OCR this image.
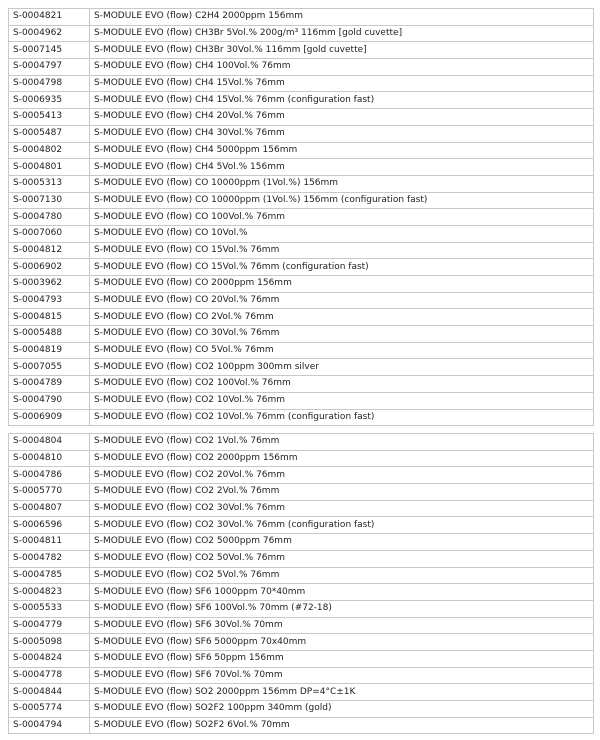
S-0004821	S-MODULE EVO (flow) C2H4 2000ppm 156mm
S-0004962	S-MODULE EVO (flow) CH3Br 5Vol.% 200g/m³ 116mm [gold cuvette]
S-0007145	S-MODULE EVO (flow) CH3Br 30Vol.% 116mm [gold cuvette]
S-0004797	S-MODULE EVO (flow) CH4 100Vol.% 76mm
S-0004798	S-MODULE EVO (flow) CH4 15Vol.% 76mm
S-0006935	S-MODULE EVO (flow) CH4 15Vol.% 76mm (configuration fast)
S-0005413	S-MODULE EVO (flow) CH4 20Vol.% 76mm
S-0005487	S-MODULE EVO (flow) CH4 30Vol.% 76mm
S-0004802	S-MODULE EVO (flow) CH4 5000ppm 156mm
S-0004801	S-MODULE EVO (flow) CH4 5Vol.% 156mm
S-0005313	S-MODULE EVO (flow) CO 10000ppm (1Vol.%) 156mm
S-0007130	S-MODULE EVO (flow) CO 10000ppm (1Vol.%) 156mm (configuration fast)
S-0004780	S-MODULE EVO (flow) CO 100Vol.% 76mm
S-0007060	S-MODULE EVO (flow) CO 10Vol.%
S-0004812	S-MODULE EVO (flow) CO 15Vol.% 76mm
S-0006902	S-MODULE EVO (flow) CO 15Vol.% 76mm (configuration fast)
S-0003962	S-MODULE EVO (flow) CO 2000ppm 156mm
S-0004793	S-MODULE EVO (flow) CO 20Vol.% 76mm
S-0004815	S-MODULE EVO (flow) CO 2Vol.% 76mm
S-0005488	S-MODULE EVO (flow) CO 30Vol.% 76mm
S-0004819	S-MODULE EVO (flow) CO 5Vol.% 76mm
S-0007055	S-MODULE EVO (flow) CO2 100ppm 300mm silver
S-0004789	S-MODULE EVO (flow) CO2 100Vol.% 76mm
S-0004790	S-MODULE EVO (flow) CO2 10Vol.% 76mm
S-0006909	S-MODULE EVO (flow) CO2 10Vol.% 76mm (configuration fast)
S-0004804	S-MODULE EVO (flow) CO2 1Vol.% 76mm
S-0004810	S-MODULE EVO (flow) CO2 2000ppm 156mm
S-0004786	S-MODULE EVO (flow) CO2 20Vol.% 76mm
S-0005770	S-MODULE EVO (flow) CO2 2Vol.% 76mm
S-0004807	S-MODULE EVO (flow) CO2 30Vol.% 76mm
S-0006596	S-MODULE EVO (flow) CO2 30Vol.% 76mm (configuration fast)
S-0004811	S-MODULE EVO (flow) CO2 5000ppm 76mm
S-0004782	S-MODULE EVO (flow) CO2 50Vol.% 76mm
S-0004785	S-MODULE EVO (flow) CO2 5Vol.% 76mm
S-0004823	S-MODULE EVO (flow) SF6 1000ppm 70*40mm
S-0005533	S-MODULE EVO (flow) SF6 100Vol.% 70mm (#72-18)
S-0004779	S-MODULE EVO (flow) SF6 30Vol.% 70mm
S-0005098	S-MODULE EVO (flow) SF6 5000ppm 70x40mm
S-0004824	S-MODULE EVO (flow) SF6 50ppm 156mm
S-0004778	S-MODULE EVO (flow) SF6 70Vol.% 70mm
S-0004844	S-MODULE EVO (flow) SO2 2000ppm 156mm DP=4°C±1K
S-0005774	S-MODULE EVO (flow) SO2F2 100ppm 340mm (gold)
S-0004794	S-MODULE EVO (flow) SO2F2 6Vol.% 70mm
